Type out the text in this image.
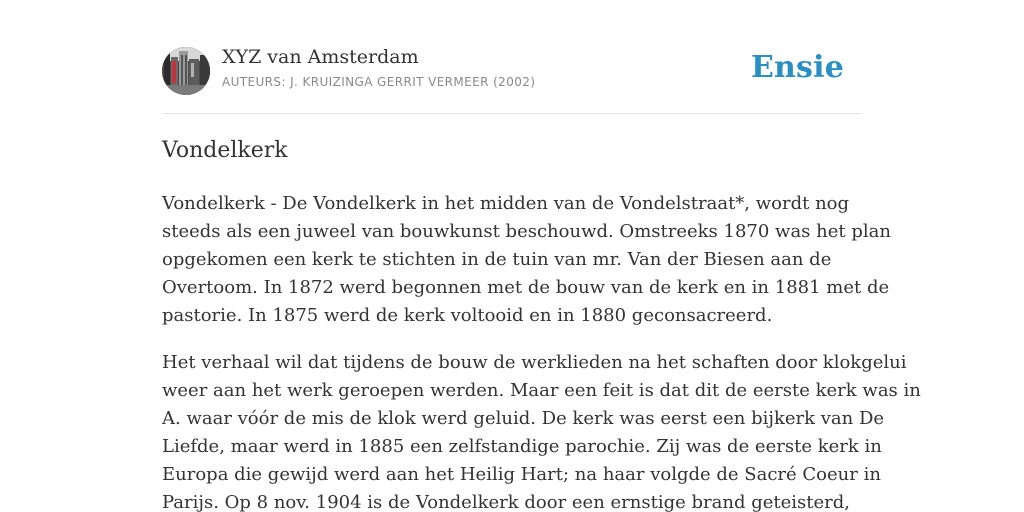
XYZ van Amsterdam
AUTEURS: J. KRUIZINGA GERRIT VERMEER (2002)	Ensie
Vondelkerk

Vondelkerk - De Vondelkerk in het midden van de Vondelstraat*, wordt nog
steeds als een juweel van bouwkunst beschouwd. Omstreeks 1870 was het plan
opgekomen een kerk te stichten in de tuin van mr. Van der Biesen aan de
Overtoom. In 1872 werd begonnen met de bouw van de kerk en in 1881 met de
pastorie. In 1875 werd de kerk voltooid en in 1880 geconsacreerd.

Het verhaal wil dat tijdens de bouw de werklieden na het schaften door klokgelui
weer aan het werk geroepen werden. Maar een feit is dat dit de eerste kerk was in
A. waar vóór de mis de klok werd geluid. De kerk was eerst een bijkerk van De
Liefde, maar werd in 1885 een zelfstandige parochie. Zij was de eerste kerk in
Europa die gewijd werd aan het Heilig Hart; na haar volgde de Sacré Coeur in
Parijs. Op 8 nov. 1904 is de Vondelkerk door een ernstige brand geteisterd,
